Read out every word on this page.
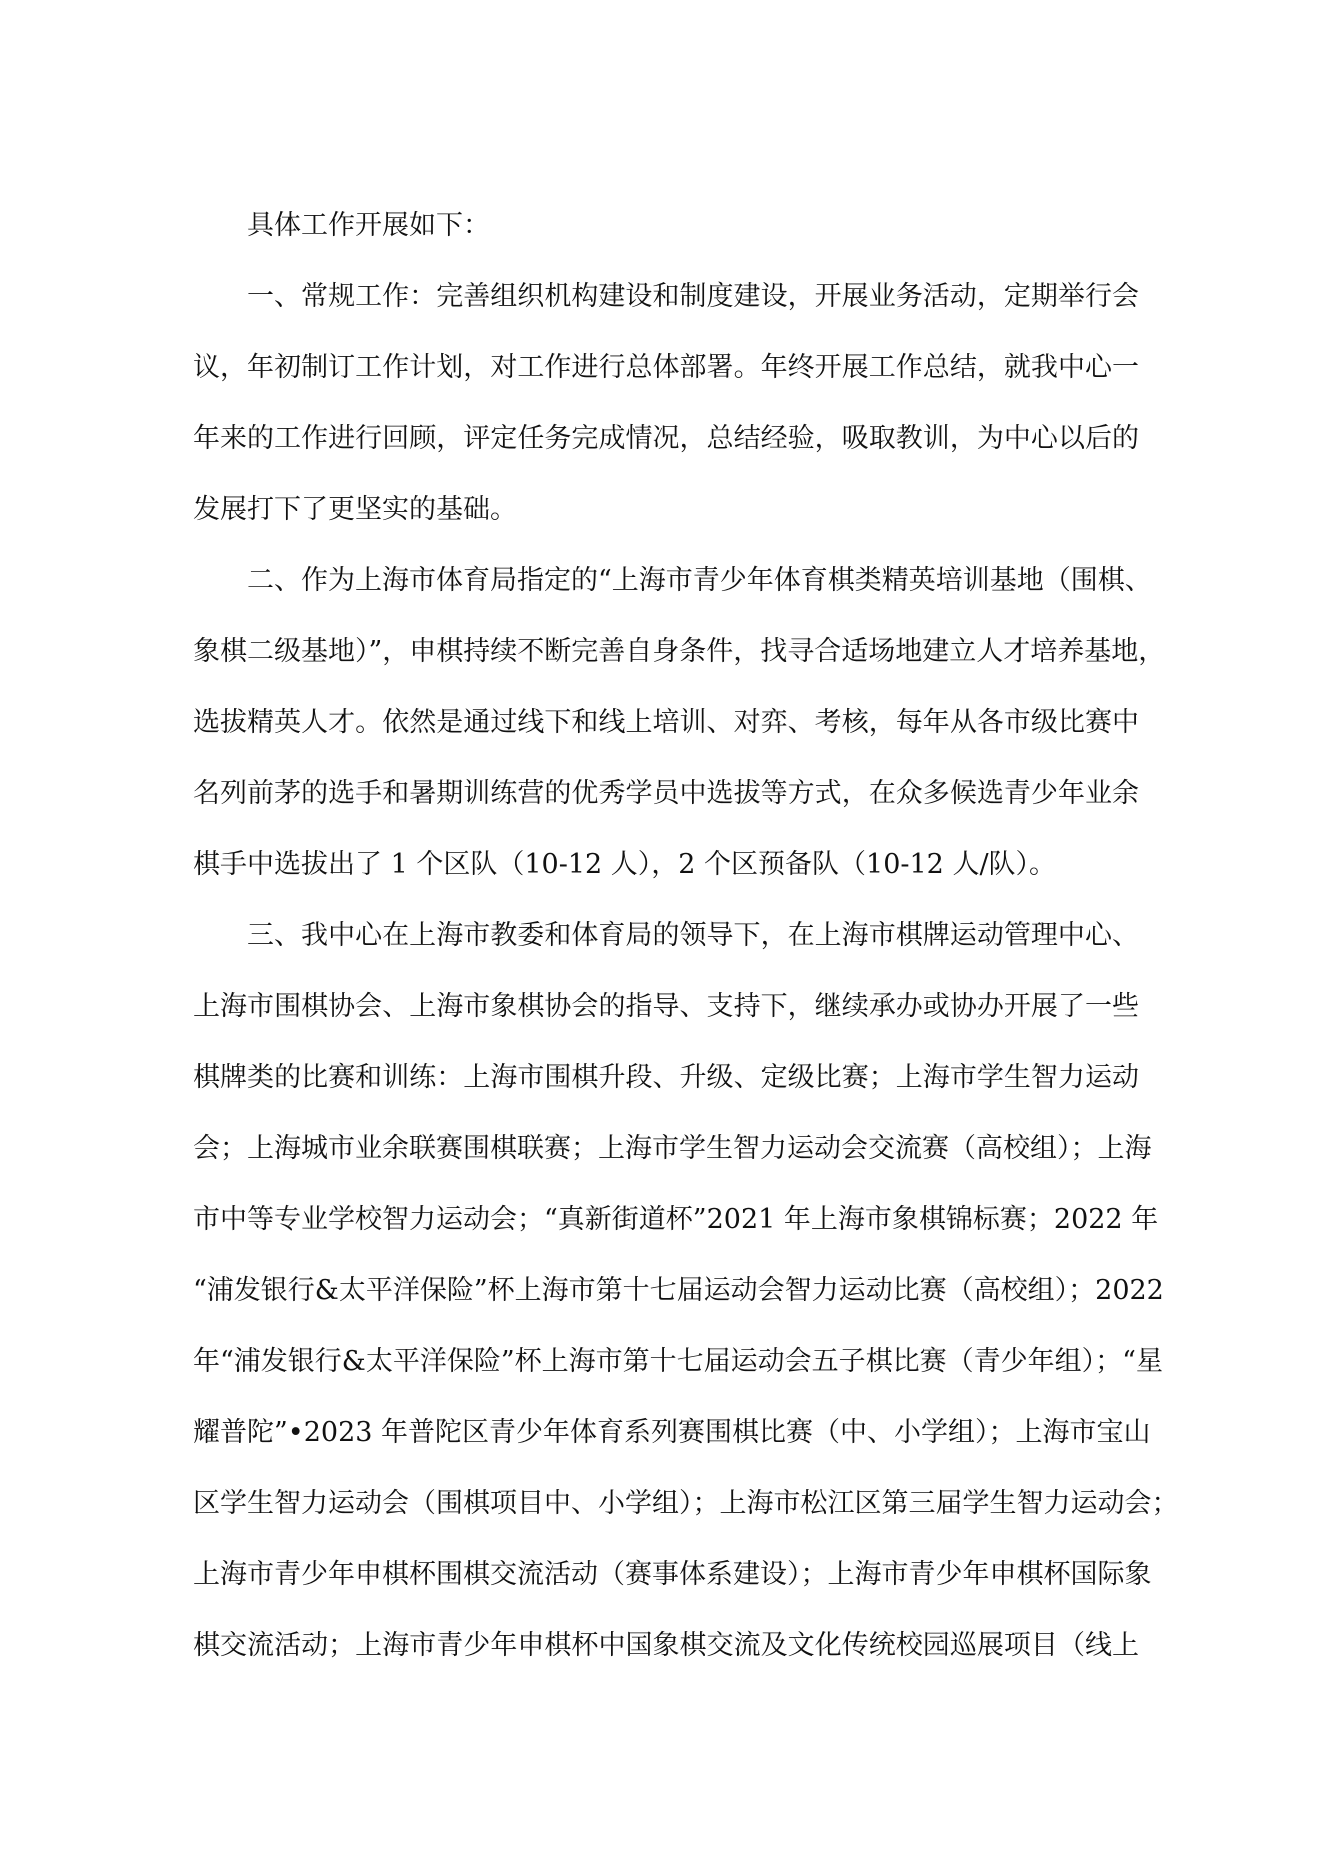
具体工作开展如下：
一、常规工作：完善组织机构建设和制度建设，开展业务活动，定期举行会
议，年初制订工作计划，对工作进行总体部署。年终开展工作总结，就我中心一
年来的工作进行回顾，评定任务完成情况，总结经验，吸取教训，为中心以后的
发展打下了更坚实的基础。
二、作为上海市体育局指定的“上海市青少年体育棋类精英培训基地（围棋、
象棋二级基地）”，申棋持续不断完善自身条件，找寻合适场地建立人才培养基地，
选拔精英人才。依然是通过线下和线上培训、对弈、考核，每年从各市级比赛中
名列前茅的选手和暑期训练营的优秀学员中选拔等方式，在众多候选青少年业余
棋手中选拔出了 1 个区队（10-12 人），2 个区预备队（10-12 人/队）。
三、我中心在上海市教委和体育局的领导下，在上海市棋牌运动管理中心、
上海市围棋协会、上海市象棋协会的指导、支持下，继续承办或协办开展了一些
棋牌类的比赛和训练：上海市围棋升段、升级、定级比赛；上海市学生智力运动
会；上海城市业余联赛围棋联赛；上海市学生智力运动会交流赛（高校组）；上海
市中等专业学校智力运动会；“真新街道杯”2021 年上海市象棋锦标赛；2022 年
“浦发银行&太平洋保险”杯上海市第十七届运动会智力运动比赛（高校组）；2022
年“浦发银行&太平洋保险”杯上海市第十七届运动会五子棋比赛（青少年组）；“星
耀普陀”•2023 年普陀区青少年体育系列赛围棋比赛（中、小学组）；上海市宝山
区学生智力运动会（围棋项目中、小学组）；上海市松江区第三届学生智力运动会；
上海市青少年申棋杯围棋交流活动（赛事体系建设）；上海市青少年申棋杯国际象
棋交流活动；上海市青少年申棋杯中国象棋交流及文化传统校园巡展项目（线上
